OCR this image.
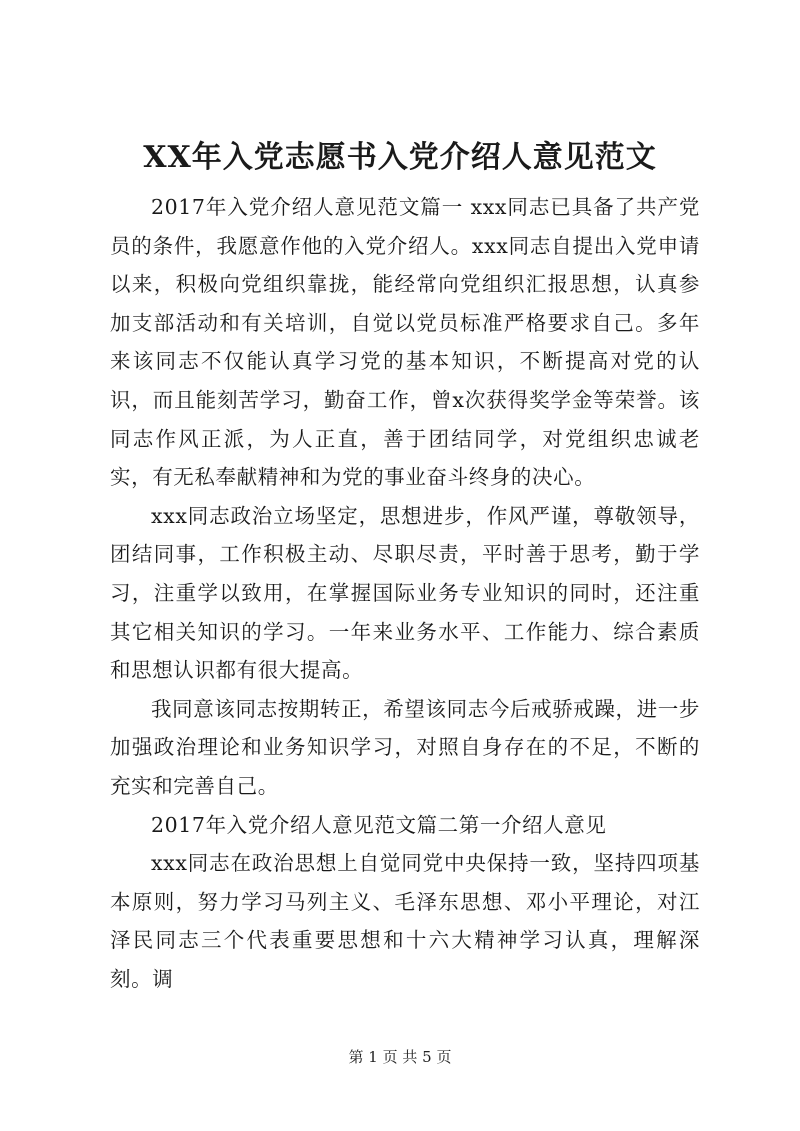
XX年入党志愿书入党介绍人意见范文

2017年入党介绍人意见范文篇一 xxx同志已具备了共产党员的条件，我愿意作他的入党介绍人。xxx同志自提出入党申请以来，积极向党组织靠拢，能经常向党组织汇报思想，认真参加支部活动和有关培训，自觉以党员标准严格要求自己。多年来该同志不仅能认真学习党的基本知识，不断提高对党的认识，而且能刻苦学习，勤奋工作，曾x次获得奖学金等荣誉。该同志作风正派，为人正直，善于团结同学，对党组织忠诚老实，有无私奉献精神和为党的事业奋斗终身的决心。

xxx同志政治立场坚定，思想进步，作风严谨，尊敬领导，团结同事，工作积极主动、尽职尽责，平时善于思考，勤于学习，注重学以致用，在掌握国际业务专业知识的同时，还注重其它相关知识的学习。一年来业务水平、工作能力、综合素质和思想认识都有很大提高。

我同意该同志按期转正，希望该同志今后戒骄戒躁，进一步加强政治理论和业务知识学习，对照自身存在的不足，不断的充实和完善自己。

2017年入党介绍人意见范文篇二第一介绍人意见

xxx同志在政治思想上自觉同党中央保持一致，坚持四项基本原则，努力学习马列主义、毛泽东思想、邓小平理论，对江泽民同志三个代表重要思想和十六大精神学习认真，理解深刻。调

第 1 页 共 5 页
